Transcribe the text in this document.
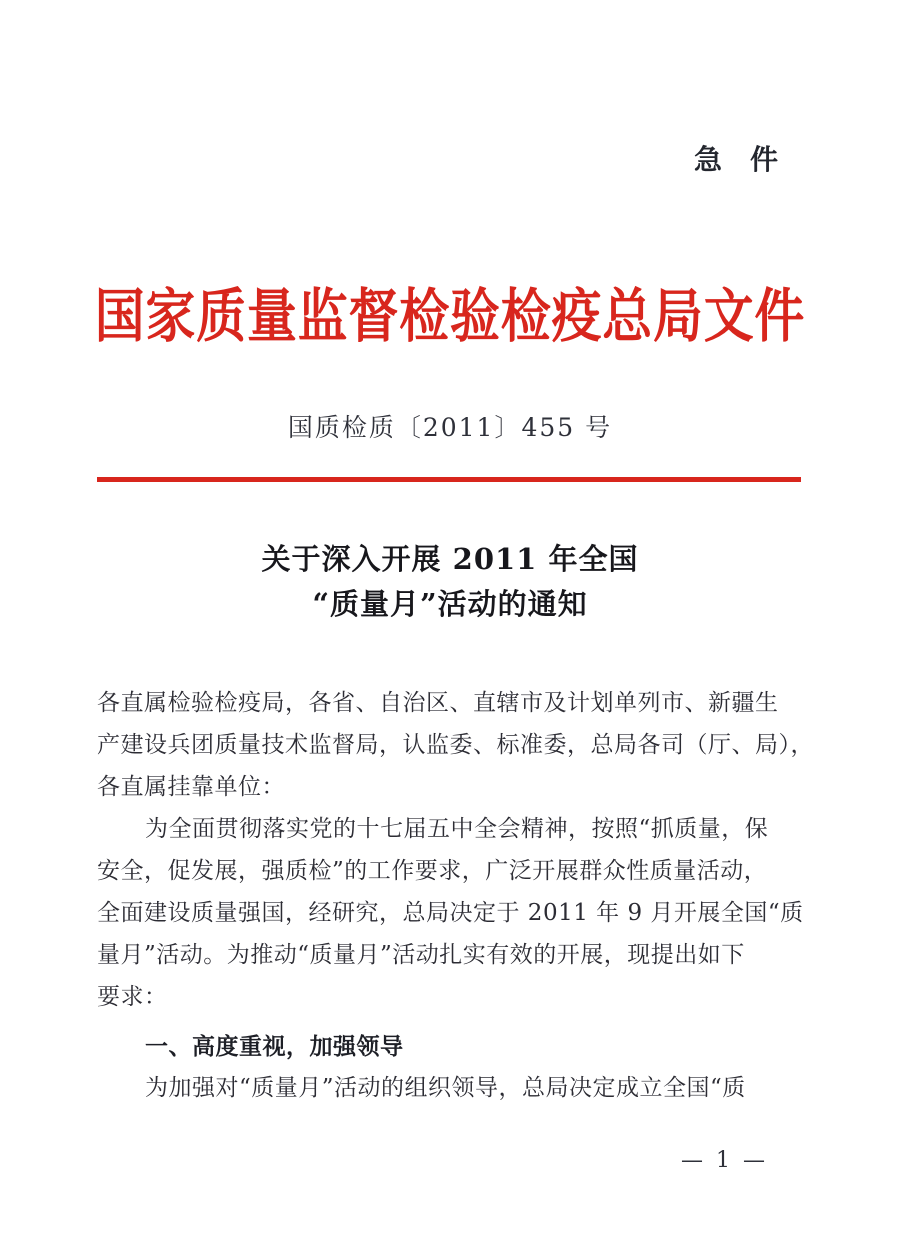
急　件
国家质量监督检验检疫总局文件
国质检质〔2011〕455 号
关于深入开展 2011 年全国
“质量月”活动的通知
各直属检验检疫局，各省、自治区、直辖市及计划单列市、新疆生
产建设兵团质量技术监督局，认监委、标准委，总局各司（厅、局），
各直属挂靠单位：
为全面贯彻落实党的十七届五中全会精神，按照“抓质量，保
安全，促发展，强质检”的工作要求，广泛开展群众性质量活动，
全面建设质量强国，经研究，总局决定于 2011 年 9 月开展全国“质
量月”活动。为推动“质量月”活动扎实有效的开展，现提出如下
要求：
一、高度重视，加强领导
为加强对“质量月”活动的组织领导，总局决定成立全国“质
— 1 —
